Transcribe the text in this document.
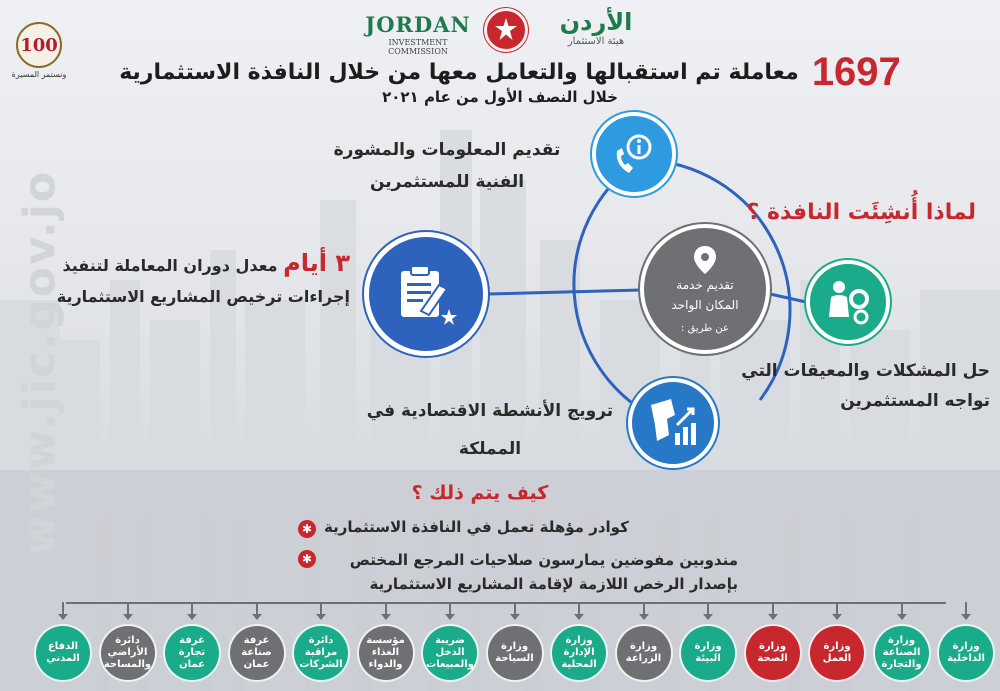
www.jic.gov.jo
100
ونستمر المسيرة
JORDAN
INVESTMENT COMMISSION
الأردن
هيئة الاستثمار
1697 معاملة تم استقبالها والتعامل معها من خلال النافذة الاستثمارية
خلال النصف الأول من عام ٢٠٢١
تقديم خدمة المكان الواحد
عن طريق :
تقديم المعلومات والمشورة الفنية للمستثمرين
لماذا أُنشِئَت النافذة ؟
٣ أيام معدل دوران المعاملة لتنفيذ إجراءات ترخيص المشاريع الاستثمارية
حل المشكلات والمعيقات التي تواجه المستثمرين
ترويج الأنشطة الاقتصادية في المملكة
كيف يتم ذلك ؟
✱ كوادر مؤهلة تعمل في النافذة الاستثمارية
✱	مندوبين مفوضين يمارسون صلاحيات المرجع المختص بإصدار الرخص اللازمة لإقامة المشاريع الاستثمارية
وزارة الداخلية
وزارة الصناعة والتجارة
وزارة العمل
وزارة الصحة
وزارة البيئة
وزارة الزراعة
وزارة الإدارة المحلية
وزارة السياحة
ضريبة الدخل والمبيعات
مؤسسة الغذاء والدواء
دائرة مراقبة الشركات
غرفة صناعة عمان
غرفة تجارة عمان
دائرة الأراضي والمساحة
الدفاع المدني
